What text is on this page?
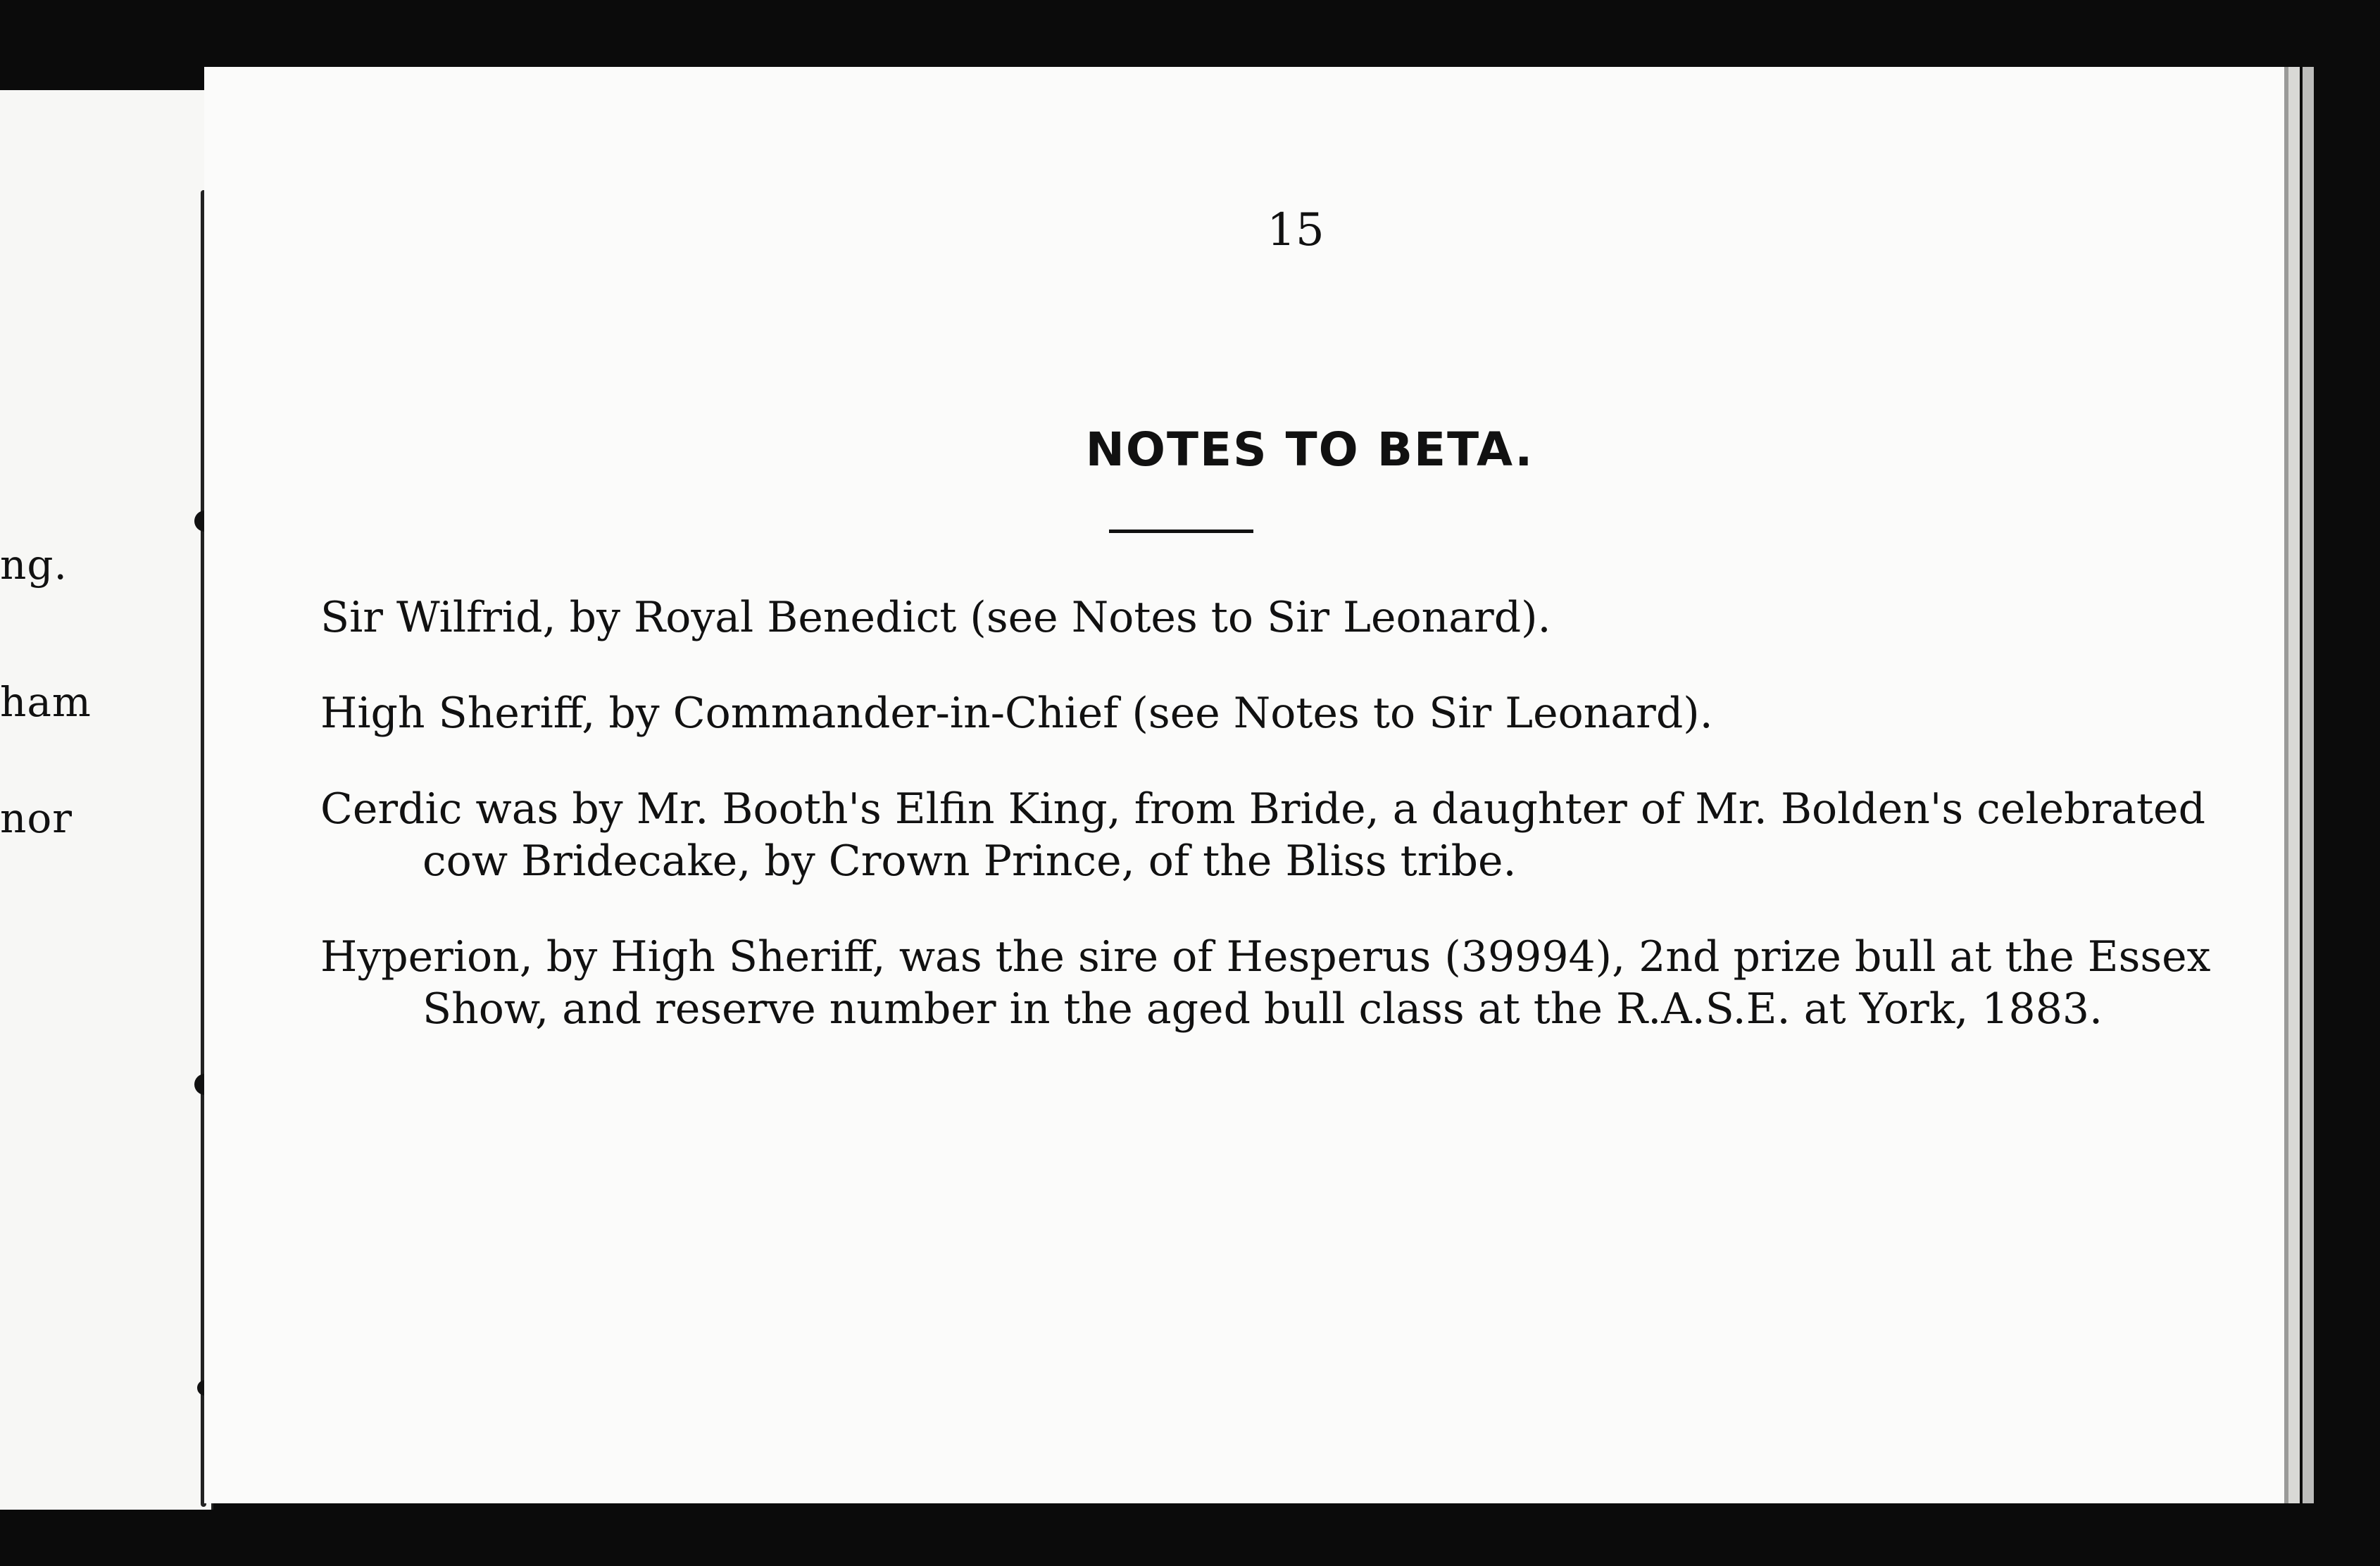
ng.
ham
nor
15
NOTES TO BETA.

Sir Wilfrid, by Royal Benedict (see Notes to Sir Leonard).

High Sheriff, by Commander-in-Chief (see Notes to Sir Leonard).

Cerdic was by Mr. Booth's Elfin King, from Bride, a daughter of Mr. Bolden's celebrated cow Bridecake, by Crown Prince, of the Bliss tribe.

Hyperion, by High Sheriff, was the sire of Hesperus (39994), 2nd prize bull at the Essex Show, and reserve number in the aged bull class at the R.A.S.E. at York, 1883.
